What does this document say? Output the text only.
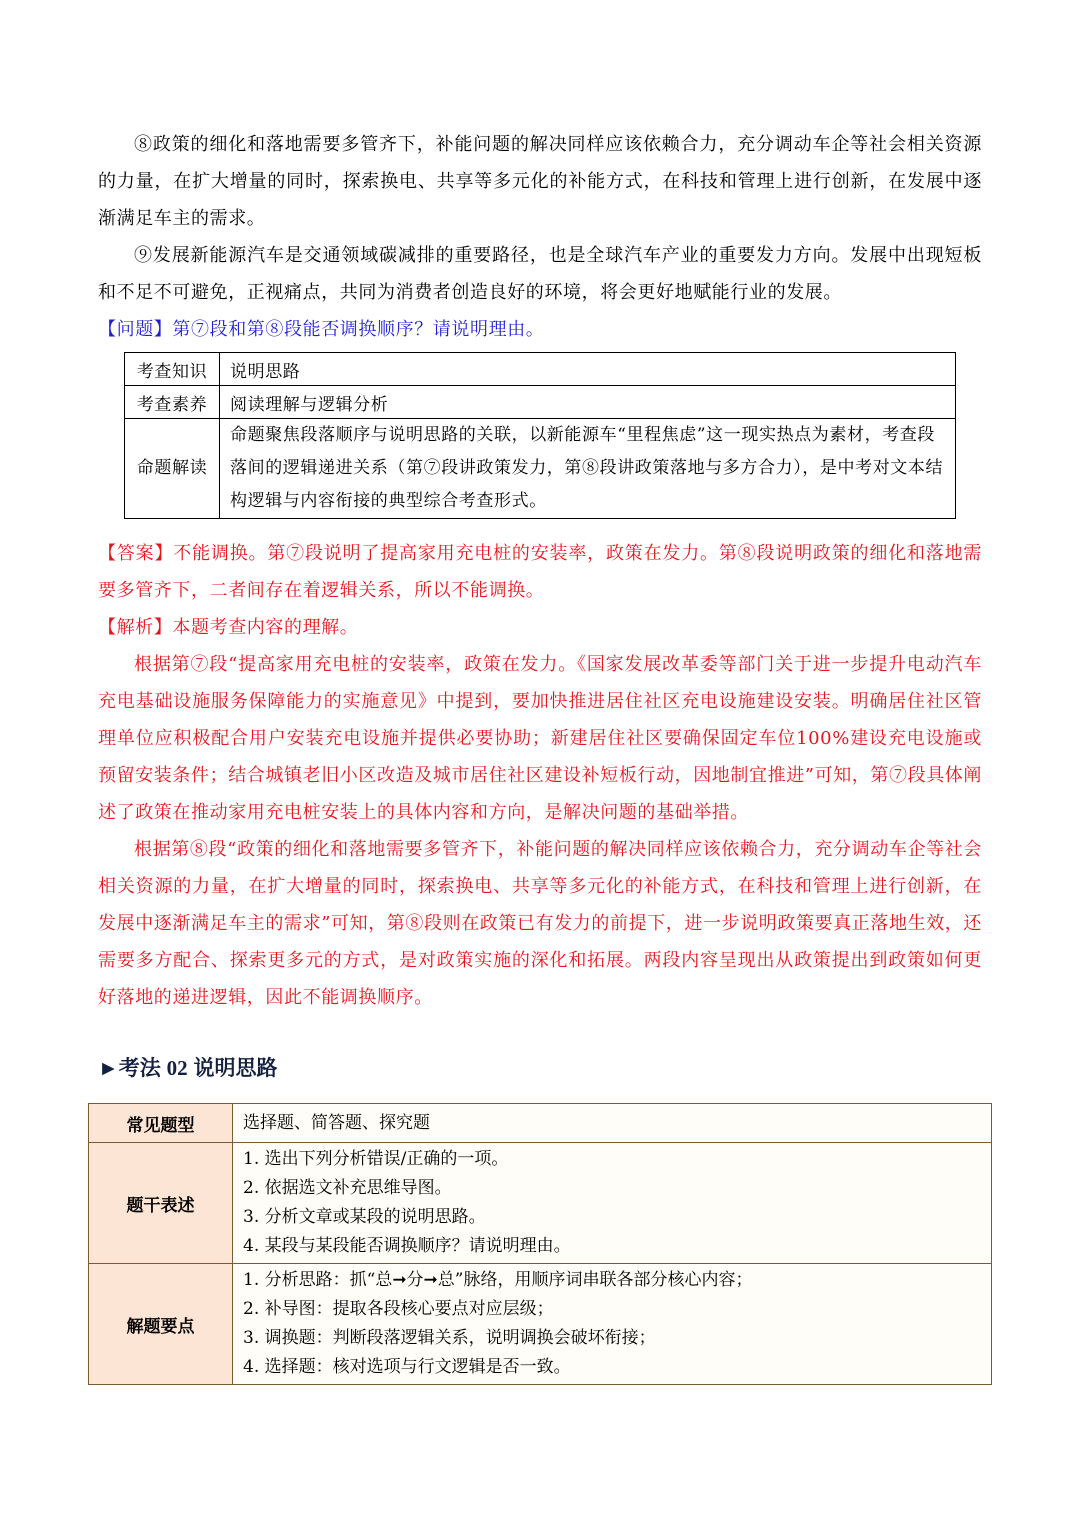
⑧政策的细化和落地需要多管齐下，补能问题的解决同样应该依赖合力，充分调动车企等社会相关资源的力量，在扩大增量的同时，探索换电、共享等多元化的补能方式，在科技和管理上进行创新，在发展中逐渐满足车主的需求。

⑨发展新能源汽车是交通领域碳减排的重要路径，也是全球汽车产业的重要发力方向。发展中出现短板和不足不可避免，正视痛点，共同为消费者创造良好的环境，将会更好地赋能行业的发展。

【问题】第⑦段和第⑧段能否调换顺序？请说明理由。

考查知识	说明思路
考查素养	阅读理解与逻辑分析
命题解读	命题聚焦段落顺序与说明思路的关联，以新能源车“里程焦虑”这一现实热点为素材，考查段落间的逻辑递进关系（第⑦段讲政策发力，第⑧段讲政策落地与多方合力），是中考对文本结构逻辑与内容衔接的典型综合考查形式。

【答案】不能调换。第⑦段说明了提高家用充电桩的安装率，政策在发力。第⑧段说明政策的细化和落地需要多管齐下，二者间存在着逻辑关系，所以不能调换。

【解析】本题考查内容的理解。

根据第⑦段“提高家用充电桩的安装率，政策在发力。《国家发展改革委等部门关于进一步提升电动汽车充电基础设施服务保障能力的实施意见》中提到，要加快推进居住社区充电设施建设安装。明确居住社区管理单位应积极配合用户安装充电设施并提供必要协助；新建居住社区要确保固定车位100%建设充电设施或预留安装条件；结合城镇老旧小区改造及城市居住社区建设补短板行动，因地制宜推进”可知，第⑦段具体阐述了政策在推动家用充电桩安装上的具体内容和方向，是解决问题的基础举措。

根据第⑧段“政策的细化和落地需要多管齐下，补能问题的解决同样应该依赖合力，充分调动车企等社会相关资源的力量，在扩大增量的同时，探索换电、共享等多元化的补能方式，在科技和管理上进行创新，在发展中逐渐满足车主的需求”可知，第⑧段则在政策已有发力的前提下，进一步说明政策要真正落地生效，还需要多方配合、探索更多元的方式，是对政策实施的深化和拓展。两段内容呈现出从政策提出到政策如何更好落地的递进逻辑，因此不能调换顺序。

►考法 02 说明思路
常见题型	选择题、简答题、探究题
题干表述	1. 选出下列分析错误/正确的一项。
2. 依据选文补充思维导图。
3. 分析文章或某段的说明思路。
4. 某段与某段能否调换顺序？请说明理由。

解题要点	1. 分析思路：抓“总➞分➞总”脉络，用顺序词串联各部分核心内容；
2. 补导图：提取各段核心要点对应层级；
3. 调换题：判断段落逻辑关系，说明调换会破坏衔接；
4. 选择题：核对选项与行文逻辑是否一致。
